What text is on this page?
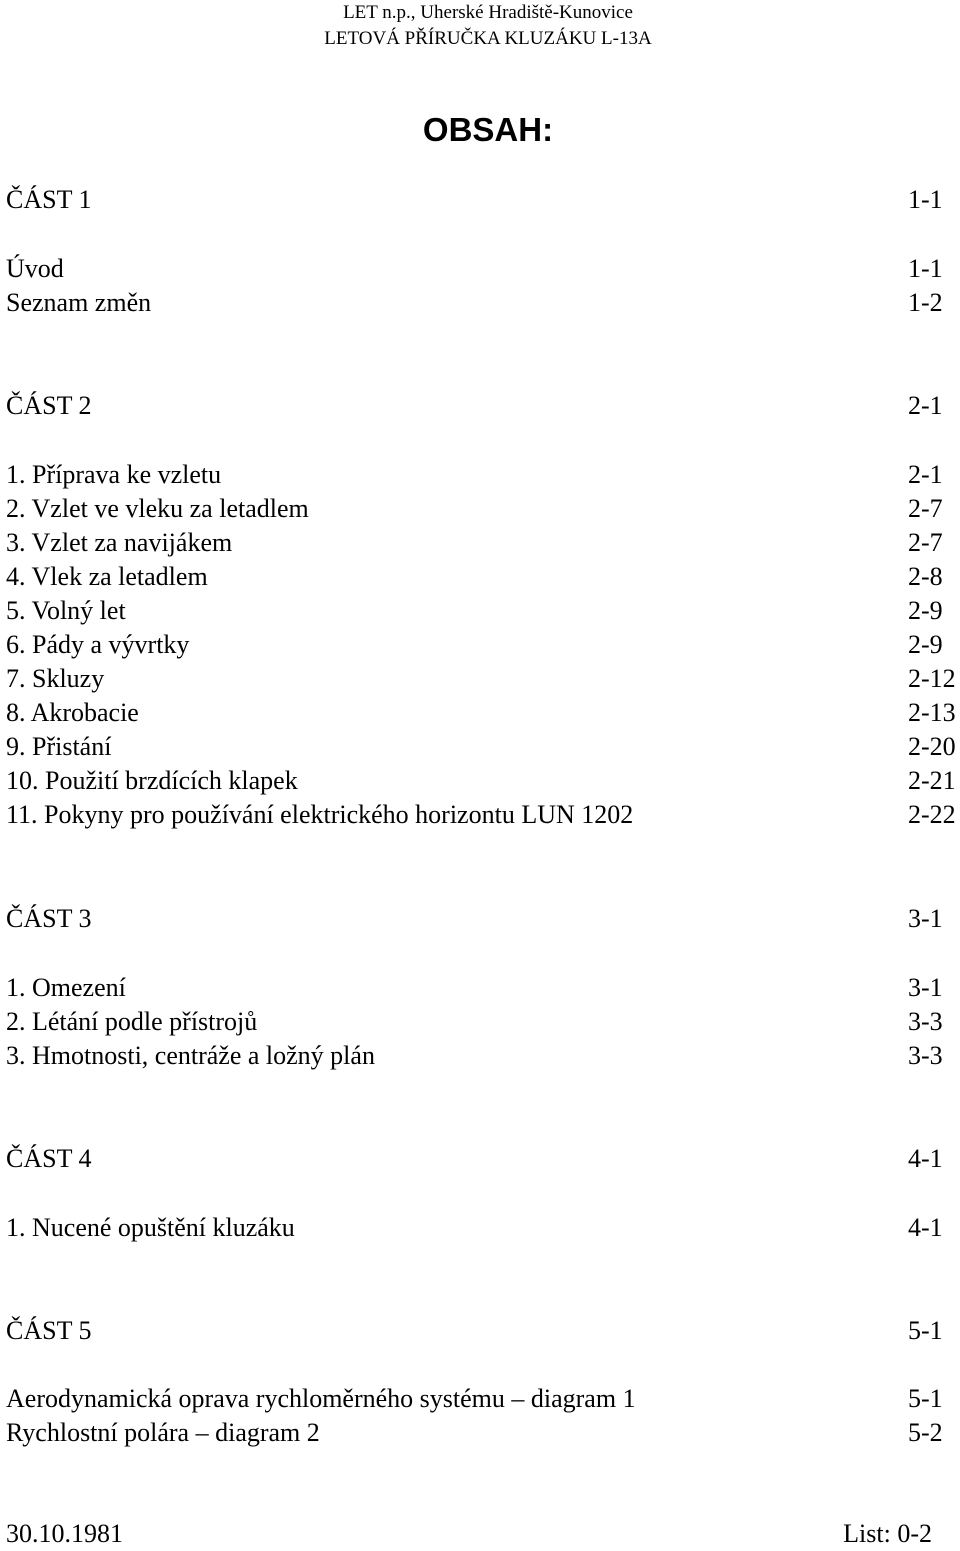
LET n.p., Uherské Hradiště-Kunovice
LETOVÁ PŘÍRUČKA KLUZÁKU L-13A
OBSAH:
ČÁST 1	1-1
Úvod	1-1
Seznam změn	1-2
ČÁST 2	2-1
1. Příprava ke vzletu	2-1
2. Vzlet ve vleku za letadlem	2-7
3. Vzlet za navijákem	2-7
4. Vlek za letadlem	2-8
5. Volný let	2-9
6. Pády a vývrtky	2-9
7. Skluzy	2-12
8. Akrobacie	2-13
9. Přistání	2-20
10. Použití brzdících klapek	2-21
11. Pokyny pro používání elektrického horizontu LUN 1202	2-22
ČÁST 3	3-1
1. Omezení	3-1
2. Létání podle přístrojů	3-3
3. Hmotnosti, centráže a ložný plán	3-3
ČÁST 4	4-1
1. Nucené opuštění kluzáku	4-1
ČÁST 5	5-1
Aerodynamická oprava rychloměrného systému – diagram 1	5-1
Rychlostní polára – diagram 2	5-2
30.10.1981	List: 0-2
